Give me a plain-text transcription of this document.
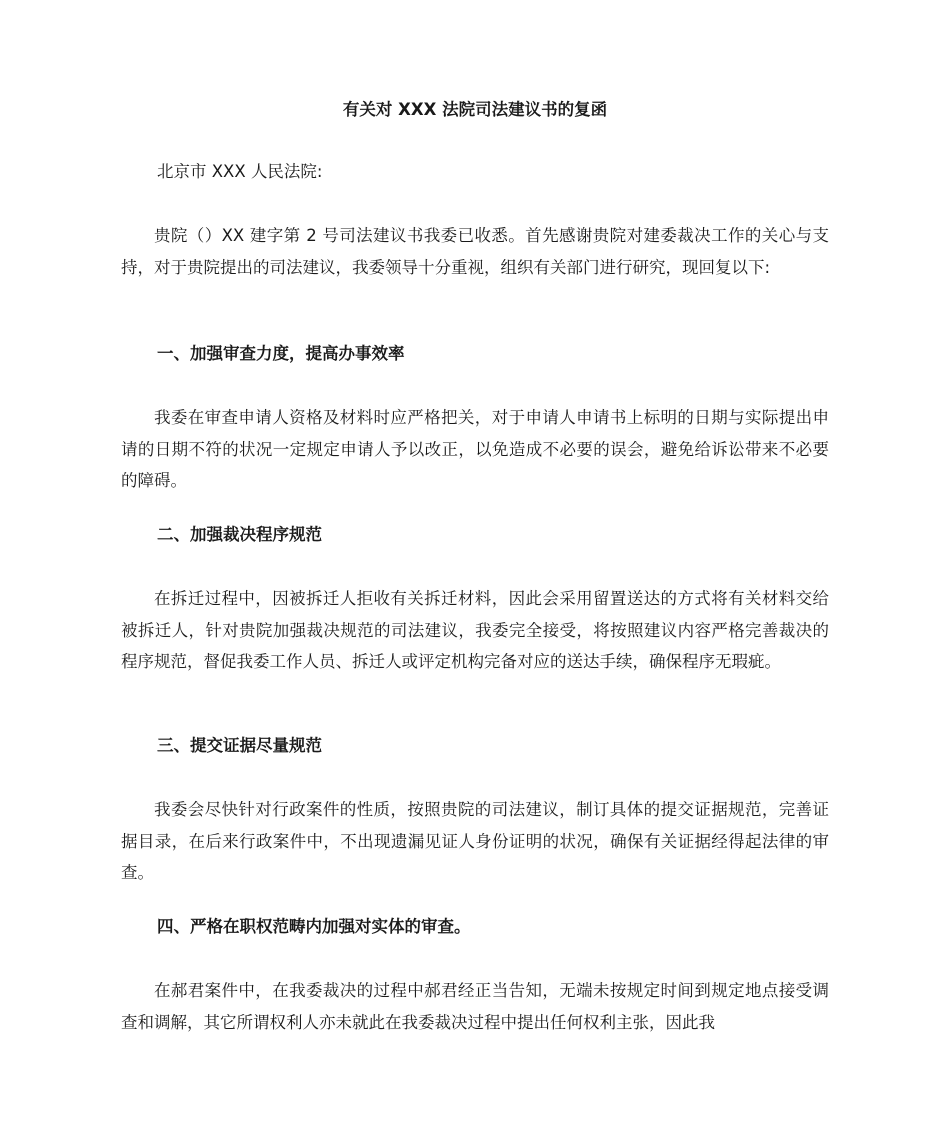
有关对 XXX 法院司法建议书的复函
北京市 XXX 人民法院:

贵院（）XX 建字第 2 号司法建议书我委已收悉。首先感谢贵院对建委裁决工作的关心与支持，对于贵院提出的司法建议，我委领导十分重视，组织有关部门进行研究，现回复以下:

一、加强审查力度，提高办事效率

我委在审查申请人资格及材料时应严格把关，对于申请人申请书上标明的日期与实际提出申请的日期不符的状况一定规定申请人予以改正，以免造成不必要的误会，避免给诉讼带来不必要的障碍。

二、加强裁决程序规范

在拆迁过程中，因被拆迁人拒收有关拆迁材料，因此会采用留置送达的方式将有关材料交给被拆迁人，针对贵院加强裁决规范的司法建议，我委完全接受，将按照建议内容严格完善裁决的程序规范，督促我委工作人员、拆迁人或评定机构完备对应的送达手续，确保程序无瑕疵。

三、提交证据尽量规范

我委会尽快针对行政案件的性质，按照贵院的司法建议，制订具体的提交证据规范，完善证据目录，在后来行政案件中，不出现遗漏见证人身份证明的状况，确保有关证据经得起法律的审查。

四、严格在职权范畴内加强对实体的审查。

在郝君案件中，在我委裁决的过程中郝君经正当告知，无端未按规定时间到规定地点接受调查和调解，其它所谓权利人亦未就此在我委裁决过程中提出任何权利主张，因此我
